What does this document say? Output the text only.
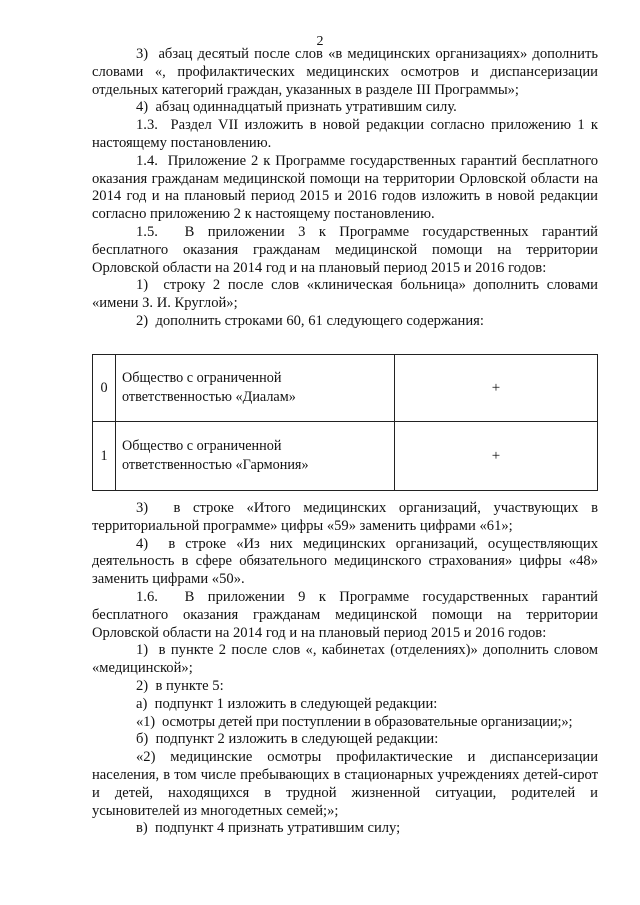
2

3)  абзац десятый после слов «в медицинских организациях» дополнить словами «, профилактических медицинских осмотров и диспансеризации отдельных категорий граждан, указанных в разделе III Программы»;

4)  абзац одиннадцатый признать утратившим силу.

1.3.  Раздел VII изложить в новой редакции согласно приложению 1 к настоящему постановлению.

1.4.  Приложение 2 к Программе государственных гарантий бесплатного оказания гражданам медицинской помощи на территории Орловской области на 2014 год и на плановый период 2015 и 2016 годов изложить в новой редакции согласно приложению 2 к настоящему постановлению.

1.5.  В приложении 3 к Программе государственных гарантий бесплатного оказания гражданам медицинской помощи на территории Орловской области на 2014 год и на плановый период 2015 и 2016 годов:

1)  строку 2 после слов «клиническая больница» дополнить словами «имени З. И. Круглой»;

2)  дополнить строками 60, 61 следующего содержания:

0	Общество с ограниченной ответственностью «Диалам»	+
1	Общество с ограниченной ответственностью «Гармония»	+

3)  в строке «Итого медицинских организаций, участвующих в территориальной программе» цифры «59» заменить цифрами «61»;

4)  в строке «Из них медицинских организаций, осуществляющих деятельность в сфере обязательного медицинского страхования» цифры «48» заменить цифрами «50».

1.6.  В приложении 9 к Программе государственных гарантий бесплатного оказания гражданам медицинской помощи на территории Орловской области на 2014 год и на плановый период 2015 и 2016 годов:

1)  в пункте 2 после слов «, кабинетах (отделениях)» дополнить словом «медицинской»;

2)  в пункте 5:

а)  подпункт 1 изложить в следующей редакции:

«1)  осмотры детей при поступлении в образовательные организации;»;

б)  подпункт 2 изложить в следующей редакции:

«2) медицинские осмотры профилактические и диспансеризации населения, в том числе пребывающих в стационарных учреждениях детей-сирот и детей, находящихся в трудной жизненной ситуации, родителей и усыновителей из многодетных семей;»;

в)  подпункт 4 признать утратившим силу;
